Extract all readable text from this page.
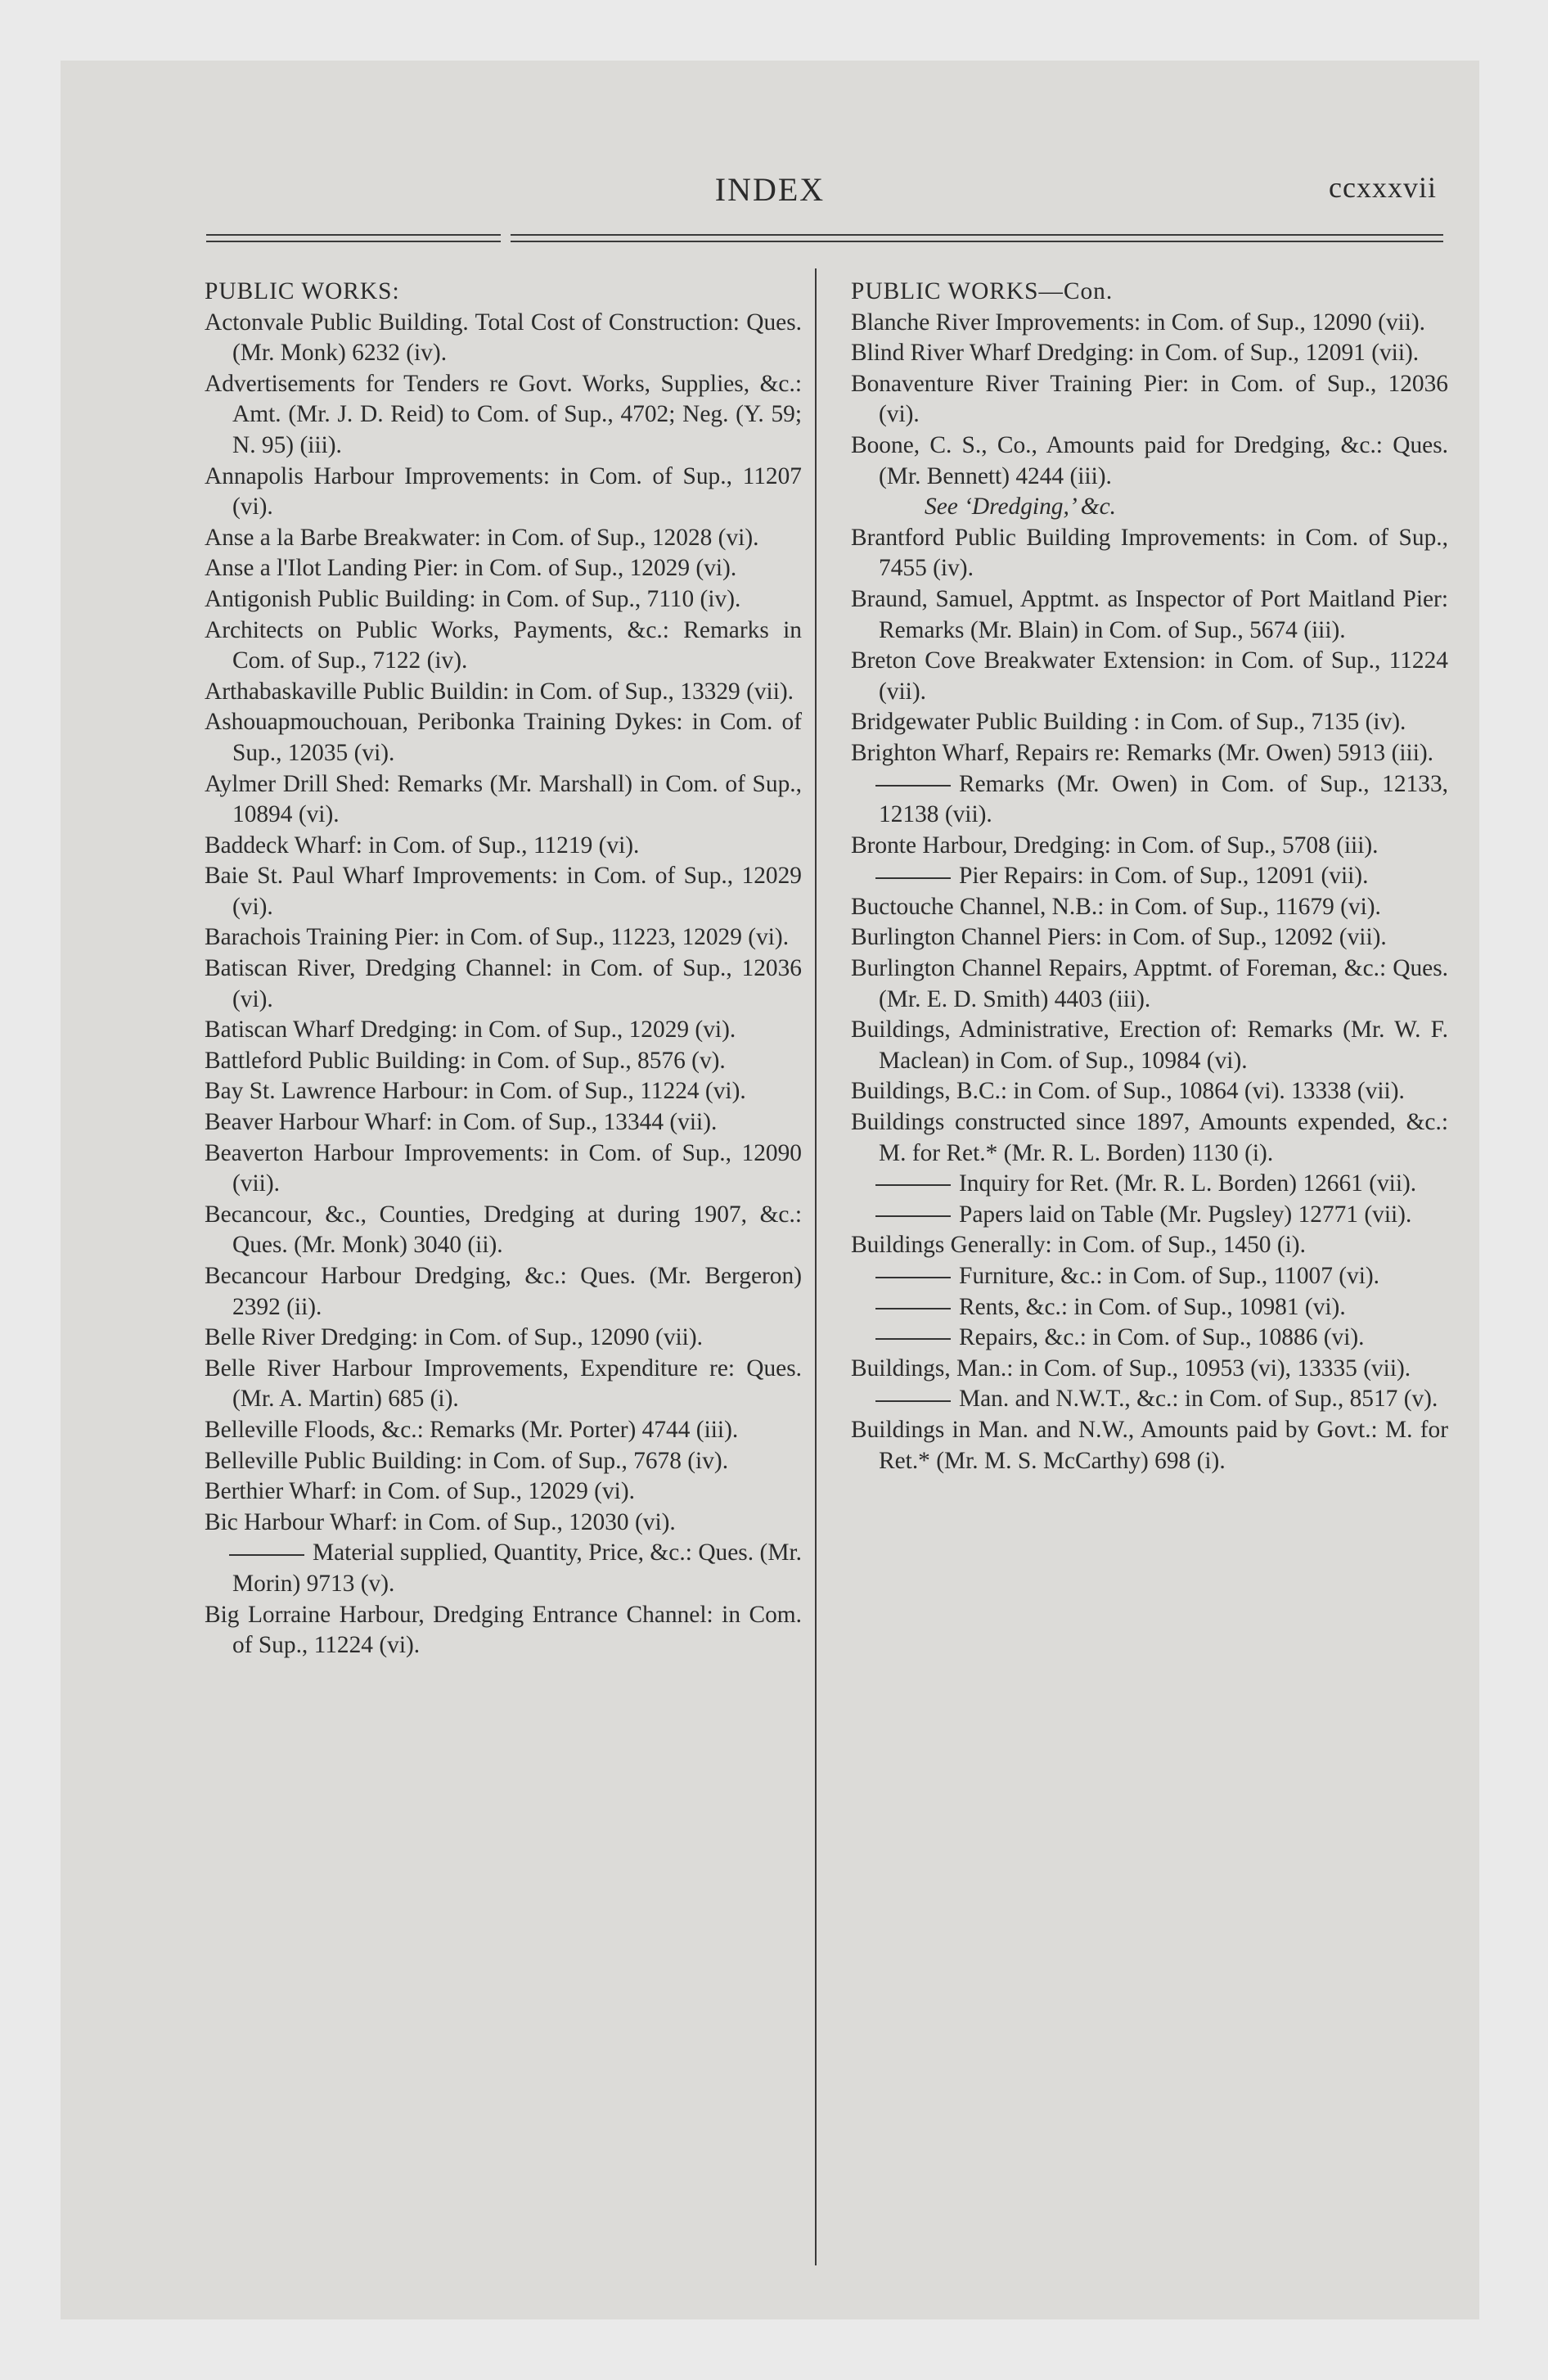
INDEX	ccxxxvii

PUBLIC WORKS:

Actonvale Public Building. Total Cost of Construction: Ques. (Mr. Monk) 6232 (iv).

Advertisements for Tenders re Govt. Works, Supplies, &c.: Amt. (Mr. J. D. Reid) to Com. of Sup., 4702; Neg. (Y. 59; N. 95) (iii).

Annapolis Harbour Improvements: in Com. of Sup., 11207 (vi).

Anse a la Barbe Breakwater: in Com. of Sup., 12028 (vi).

Anse a l'Ilot Landing Pier: in Com. of Sup., 12029 (vi).

Antigonish Public Building: in Com. of Sup., 7110 (iv).

Architects on Public Works, Payments, &c.: Remarks in Com. of Sup., 7122 (iv).

Arthabaskaville Public Buildin: in Com. of Sup., 13329 (vii).

Ashouapmouchouan, Peribonka Training Dykes: in Com. of Sup., 12035 (vi).

Aylmer Drill Shed: Remarks (Mr. Marshall) in Com. of Sup., 10894 (vi).

Baddeck Wharf: in Com. of Sup., 11219 (vi).

Baie St. Paul Wharf Improvements: in Com. of Sup., 12029 (vi).

Barachois Training Pier: in Com. of Sup., 11223, 12029 (vi).

Batiscan River, Dredging Channel: in Com. of Sup., 12036 (vi).

Batiscan Wharf Dredging: in Com. of Sup., 12029 (vi).

Battleford Public Building: in Com. of Sup., 8576 (v).

Bay St. Lawrence Harbour: in Com. of Sup., 11224 (vi).

Beaver Harbour Wharf: in Com. of Sup., 13344 (vii).

Beaverton Harbour Improvements: in Com. of Sup., 12090 (vii).

Becancour, &c., Counties, Dredging at during 1907, &c.: Ques. (Mr. Monk) 3040 (ii).

Becancour Harbour Dredging, &c.: Ques. (Mr. Bergeron) 2392 (ii).

Belle River Dredging: in Com. of Sup., 12090 (vii).

Belle River Harbour Improvements, Expenditure re: Ques. (Mr. A. Martin) 685 (i).

Belleville Floods, &c.: Remarks (Mr. Porter) 4744 (iii).

Belleville Public Building: in Com. of Sup., 7678 (iv).

Berthier Wharf: in Com. of Sup., 12029 (vi).

Bic Harbour Wharf: in Com. of Sup., 12030 (vi).

Material supplied, Quantity, Price, &c.: Ques. (Mr. Morin) 9713 (v).

Big Lorraine Harbour, Dredging Entrance Channel: in Com. of Sup., 11224 (vi).

PUBLIC WORKS—Con.

Blanche River Improvements: in Com. of Sup., 12090 (vii).

Blind River Wharf Dredging: in Com. of Sup., 12091 (vii).

Bonaventure River Training Pier: in Com. of Sup., 12036 (vi).

Boone, C. S., Co., Amounts paid for Dredging, &c.: Ques. (Mr. Bennett) 4244 (iii).

See ‘Dredging,’ &c.

Brantford Public Building Improvements: in Com. of Sup., 7455 (iv).

Braund, Samuel, Apptmt. as Inspector of Port Maitland Pier: Remarks (Mr. Blain) in Com. of Sup., 5674 (iii).

Breton Cove Breakwater Extension: in Com. of Sup., 11224 (vii).

Bridgewater Public Building : in Com. of Sup., 7135 (iv).

Brighton Wharf, Repairs re: Remarks (Mr. Owen) 5913 (iii).

Remarks (Mr. Owen) in Com. of Sup., 12133, 12138 (vii).

Bronte Harbour, Dredging: in Com. of Sup., 5708 (iii).

Pier Repairs: in Com. of Sup., 12091 (vii).

Buctouche Channel, N.B.: in Com. of Sup., 11679 (vi).

Burlington Channel Piers: in Com. of Sup., 12092 (vii).

Burlington Channel Repairs, Apptmt. of Foreman, &c.: Ques. (Mr. E. D. Smith) 4403 (iii).

Buildings, Administrative, Erection of: Remarks (Mr. W. F. Maclean) in Com. of Sup., 10984 (vi).

Buildings, B.C.: in Com. of Sup., 10864 (vi). 13338 (vii).

Buildings constructed since 1897, Amounts expended, &c.: M. for Ret.* (Mr. R. L. Borden) 1130 (i).

Inquiry for Ret. (Mr. R. L. Borden) 12661 (vii).

Papers laid on Table (Mr. Pugsley) 12771 (vii).

Buildings Generally: in Com. of Sup., 1450 (i).

Furniture, &c.: in Com. of Sup., 11007 (vi).

Rents, &c.: in Com. of Sup., 10981 (vi).

Repairs, &c.: in Com. of Sup., 10886 (vi).

Buildings, Man.: in Com. of Sup., 10953 (vi), 13335 (vii).

Man. and N.W.T., &c.: in Com. of Sup., 8517 (v).

Buildings in Man. and N.W., Amounts paid by Govt.: M. for Ret.* (Mr. M. S. McCarthy) 698 (i).
